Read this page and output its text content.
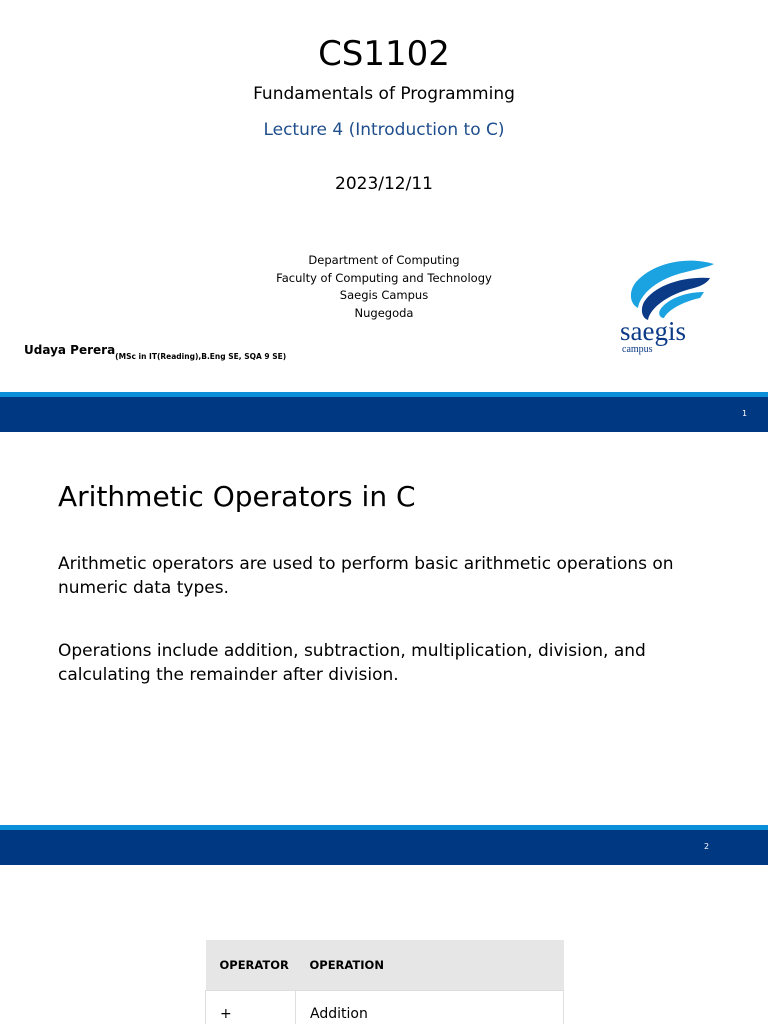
CS1102
Fundamentals of Programming
Lecture 4 (Introduction to C)
2023/12/11
Department of Computing
Faculty of Computing and Technology
Saegis Campus
Nugegoda
Udaya Perera$_{(MSc in IT(Reading),B.Eng SE, SQA 9 SE)}$
saegis
campus
1
Arithmetic Operators in C
Arithmetic operators are used to perform basic arithmetic operations on numeric data types.
Operations include addition, subtraction, multiplication, division, and calculating the remainder after division.
2
OPERATOR	OPERATION
+	Addition
